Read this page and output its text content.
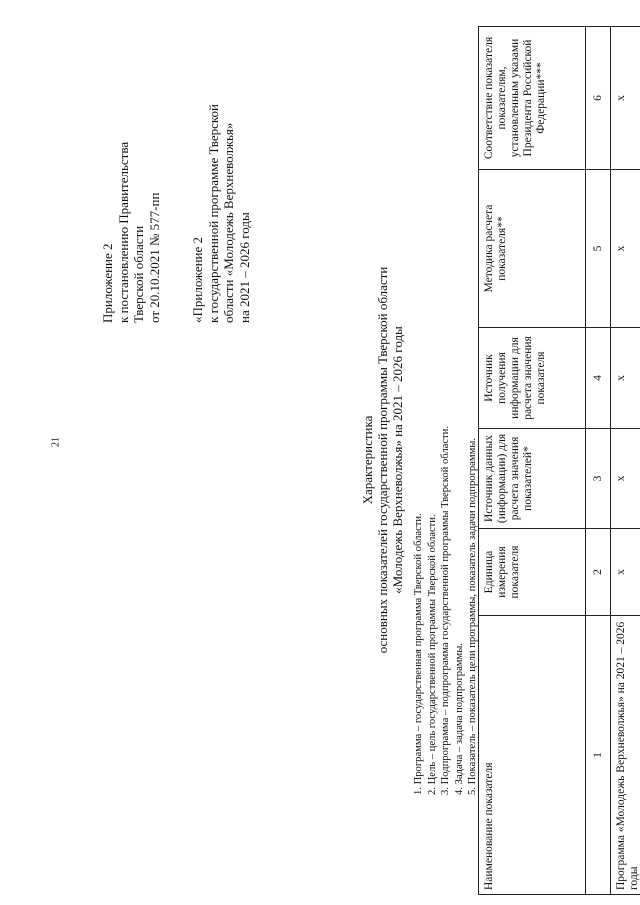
21
Приложение 2 к постановлению Правительства Тверской области от 20.10.2021 № 577-пп «Приложение 2 к государственной программе Тверской области «Молодежь Верхневолжья» на 2021 – 2026 годы
Характеристика основных показателей государственной программы Тверской области «Молодежь Верхневолжья» на 2021 – 2026 годы
1. Программа – государственная программа Тверской области. 2. Цель – цель государственной программы Тверской области. 3. Подпрограмма – подпрограмма государственной программы Тверской области. 4. Задача – задача подпрограммы. 5. Показатель – показатель цели программы, показатель задачи подпрограммы.
Наименование показателя	Единица измерения показателя	Источник данных (информации) для расчета значения показателей*	Источник получения информации для расчета значения показателя	Методика расчета показателя**	Соответствие показателя показателям, установленным указами Президента Российской Федерации***
1	2	3	4	5	6
Программа «Молодежь Верхневолжья» на 2021 – 2026 годы	x	x	x	x	x
